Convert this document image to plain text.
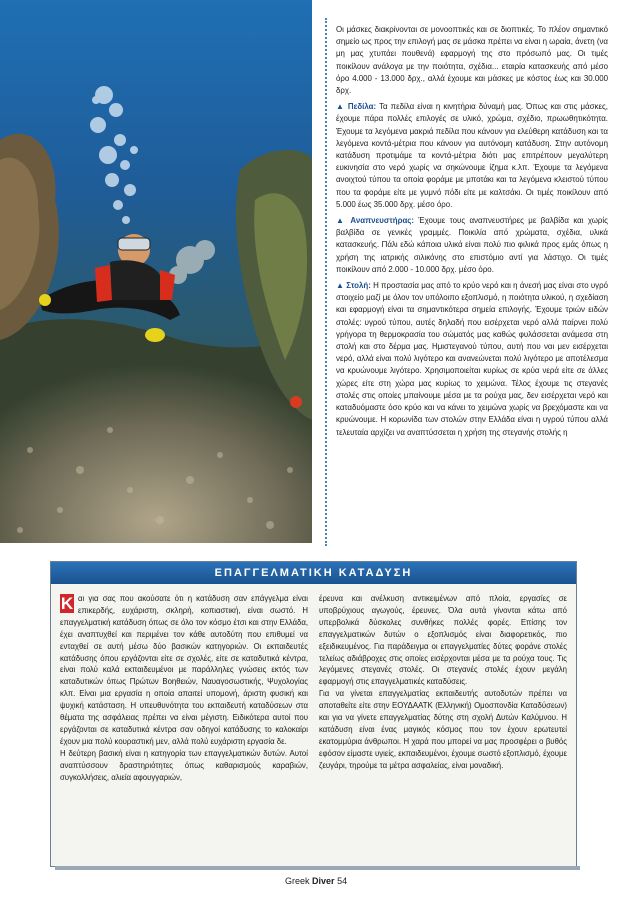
Οι μάσκες διακρίνονται σε μονοοπτικές και σε διοπτικές. Το πλέον σημαντικό σημείο ως προς την επιλογή μας σε μάσκα πρέπει να είναι η ωραία, άνετη (να μη μας χτυπάει πουθενά) εφαρμογή της στο πρόσωπό μας. Οι τιμές ποικίλουν ανάλογα με την ποιότητα, σχέδια... εταιρία κατασκευής από μέσο όρο 4.000 - 13.000 δρχ., αλλά έχουμε και μάσκες με κόστος έως και 30.000 δρχ.

▲ Πεδίλα: Τα πεδίλα είναι η κινητήρια δύναμή μας. Όπως και στις μάσκες, έχουμε πάρα πολλές επιλογές σε υλικό, χρώμα, σχέδιο, πρωωθητικότητα. Έχουμε τα λεγόμενα μακριά πεδίλα που κάνουν για ελεύθερη κατάδυση και τα λεγόμενα κοντά-μέτρια που κάνουν για αυτόνομη κατάδυση. Στην αυτόνομη κατάδυση προτιμάμε τα κοντά-μέτρια διότι μας επιτρέπουν μεγαλύτερη ευκινησία στο νερό χωρίς να σηκώνουμε ίζημα κ.λπ. Έχουμε τα λεγόμενα ανοιχτού τύπου τα οποία φοράμε με μποτάκι και τα λεγόμενα κλειστού τύπου που τα φοράμε είτε με γυμνό πόδι είτε με καλτσάκι. Οι τιμές ποικίλουν από 5.000 έως 35.000 δρχ. μέσο όρο.

▲ Αναπνευστήρας: Έχουμε τους αναπνευστήρες με βαλβίδα και χωρίς βαλβίδα σε γενικές γραμμές. Ποικιλία από χρώματα, σχέδια, υλικά κατασκευής. Πάλι εδώ κάποια υλικά είναι πολύ πιο φιλικά προς εμάς όπως η χρήση της ιατρικής σιλικόνης στο επιστόμιο αντί για λάστιχο. Οι τιμές ποικίλουν από 2.000 - 10.000 δρχ. μέσο όρο.

▲ Στολή: Η προστασία μας από το κρύο νερό και η άνεσή μας είναι στο υγρό στοιχείο μαζί με όλον τον υπόλοιπο εξοπλισμό, η ποιότητα υλικού, η σχεδίαση και εφαρμογή είναι τα σημαντικότερα σημεία επιλογής. Έχουμε τριών ειδών στολές: υγρού τύπου, αυτές δηλαδή που εισέρχεται νερό αλλά παίρνει πολύ γρήγορα τη θερμοκρασία του σώματός μας καθώς φυλάσσεται ανάμεσα στη στολή και στο δέρμα μας. Ημιστεγανού τύπου, αυτή που ναι μεν εισέρχεται νερό, αλλά είναι πολύ λιγότερο και ανανεώνεται πολύ λιγότερο με αποτέλεσμα να κρυώνουμε λιγότερο. Χρησιμοποιείται κυρίως σε κρύα νερά είτε σε άλλες χώρες είτε στη χώρα μας κυρίως το χειμώνα. Τέλος έχουμε τις στεγανές στολές στις οποίες μπαίνουμε μέσα με τα ρούχα μας, δεν εισέρχεται νερό και καταδυόμαστε όσο κρύο και να κάνει το χειμώνα χωρίς να βρεχόμαστε και να κρυώνουμε. Η κορωνίδα των στολών στην Ελλάδα είναι η υγρού τύπου αλλά τελευταία αρχίζει να αναπτύσσεται η χρήση της στεγανής στολής η

ΕΠΑΓΓΕΛΜΑΤΙΚΗ ΚΑΤΑΔΥΣΗ

Κ αι για σας που ακούσατε ότι η κατάδυση σαν επάγγελμα είναι επικερδής, ευχάριστη, σκληρή, κοπιαστική, είναι σωστό. Η επαγγελματική κατάδυση όπως σε όλο τον κόσμο έτσι και στην Ελλάδα, έχει αναπτυχθεί και περιμένει τον κάθε αυτοδύτη που επιθυμεί να ενταχθεί σε αυτή μέσω δύο βασικών κατηγοριών. Οι εκπαιδευτές κατάδυσης όπου εργάζονται είτε σε σχολές, είτε σε καταδυτικά κέντρα, είναι πολύ καλά εκπαιδευμένοι με παράλληλες γνώσεις εκτός των καταδυτικών όπως Πρώτων Βοηθειών, Ναυαγοσωστικής, Ψυχολογίας κλπ. Είναι μια εργασία η οποία απαιτεί υπομονή, άριστη φυσική και ψυχική κατάσταση. Η υπευθυνότητα του εκπαιδευτή καταδύσεων στα θέματα της ασφάλειας πρέπει να είναι μέγιστη. Ειδικότερα αυτοί που εργάζονται σε καταδυτικά κέντρα σαν οδηγοί κατάδυσης το καλοκαίρι έχουν μια πολύ κουραστική μεν, αλλά πολύ ευχάριστη εργασία δε.

Η δεύτερη βασική είναι η κατηγορία των επαγγελματικών δυτών. Αυτοί αναπτύσσουν δραστηριότητες όπως καθαρισμούς καραβιών, συγκολλήσεις, αλιεία αφουγγαριών,

έρευνα και ανέλκυση αντικειμένων από πλοία, εργασίες σε υποβρύχιους αγωγούς, έρευνες. Όλα αυτά γίνονται κάτω από υπερβολικά δύσκολες συνθήκες πολλές φορές. Επίσης τον επαγγελματικών δυτών ο εξοπλισμός είναι διαφορετικός, πιο εξειδικευμένος. Για παράδειγμα οι επαγγελματίες δύτες φοράνε στολές τελείως αδιάβροχες στις οποίες εισέρχονται μέσα με τα ρούχα τους. Τις λεγόμενες στεγανές στολές. Οι στεγανές στολές έχουν μεγάλη εφαρμογή στις επαγγελματικές καταδύσεις.

Για να γίνεται επαγγελματίας εκπαιδευτής αυτοδυτών πρέπει να αποταθείτε είτε στην ΕΟΥΔΑΑΤΚ (Ελληνική) Ομοσπονδία Καταδύσεων) και για να γίνετε επαγγελματίας δύτης στη σχολή Δυτών Καλύμνου. Η κατάδυση είναι ένας μαγικός κόσμος που τον έχουν ερωτευτεί εκατομμύρια άνθρωποι. Η χαρά που μπορεί να μας προσφέρει ο βυθός εφόσον είμαστε υγιείς, εκπαιδευμένοι, έχουμε σωστό εξοπλισμό, έχουμε ζευγάρι, τηρούμε τα μέτρα ασφαλείας, είναι μοναδική.

Greek Diver 54
